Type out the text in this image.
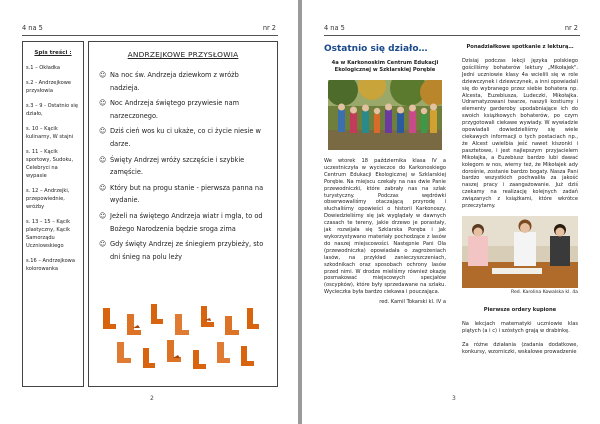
4 na 5	nr 2
Spis treści :
s.1 – Okładka
s.2 - Andrzejkowe przysłowia
s.3 – 9 - Ostatnio się działo,
s. 10 – Kącik kulinarny, W stajni
s. 11 – Kącik sportowy, Sudoku, Celebryci na wypasie
s. 12 – Andrzejki, przepowiednie, wróżby
s. 13 – 15 – Kącik plastyczny, Kącik Samorządu Uczniowskiego
s.16 – Andrzejkowa kolorowanka
ANDRZEJKOWE PRZYSŁOWIA
☺ Na noc św. Andrzeja dziewkom z wróżb nadzieja.
☺ Noc Andrzeja świętego przywiesie nam narzeczonego.
☺ Dziś cień wos ku ci ukaże, co ci życie niesie w darze.
☺ Święty Andrzej wróży szczęście i szybkie zamęście.
☺ Który but na progu stanie - pierwsza panna na wydanie.
☺ Jeżeli na świętego Andrzeja wiatr i mgła, to od Bożego Narodzenia będzie sroga zima
☺ Gdy święty Andrzej ze śniegiem przybieży, sto dni śnieg na polu leży
2
4 na 5	nr 2
Ostatnio się działo…
4a w Karkonoskim Centrum Edukacji Ekologicznej w Szklarskiej Porębie
We wtorek 18 października klasa IV a uczestniczyła w wycieczce do Karkonoskiego Centrum Edukacji Ekologicznej w Szklarskiej Porębie. Na miejscu czekały na nas dwie Panie przewodniczki, które zabrały nas na szlak turystyczny. Podczas wędrówki obserwowaliśmy otaczającą przyrodę i słuchaliśmy opowieści o historii Karkonoszy. Dowiedzieliśmy się jak wyglądały w dawnych czasach te tereny, jakie drzewo je porastały, jak rozwijała się Szklarska Poręba i jak wykorzystywano materiały pochodzące z lasów do naszej miejscowości. Następnie Pani Ola (przewodniczka) opowiadała o zagrożeniach lasów, na przykład zanieczyszczeniach, szkodnikach oraz sposobach ochrony lasów przed nimi. W drodze mieliśmy również okazję posmakować miejscowych specjałów (oscypków), które były sprzedawane na szlaku. Wycieczka była bardzo ciekawa i pouczająca.
red. Kamil Tokarski kl. IV a
Ponadziałkowe spotkanie z lekturą…
Dzisiaj podczas lekcji języka polskiego gościliśmy bohaterów lektury „Mikołajek". Jedni uczniowie klasy 4a wcielili się w role dziewczynek i dziewczynek, a inni opowiadali się do wybranego przez siebie bohatera np. Alcesta, Euzebiusza, Ludeczki, Mikołajka. Udramatyzowani twarze, naszyli kostiumy i elementy garderoby upodabniające ich do swoich książkowych bohaterów, po czym przygotowali ciekawe wywiady. W wywiadzie opowiadali dowiedzieliśmy się wiele ciekawych informacji o tych postaciach np., że Alcest uwielbia jeść nawet kiszonki i pasztetowe, i jest najlepszym przyjacielem Mikołajka, a Euzebiusz bardzo lubi dawać kolegom w nos, wierny też, że Mikołajek ady dorośnie, zostanie bardzo bogaty. Nasza Pani bardzo wszystkich pochwaliła za jakość naszej pracy i zaangażowanie. Już dziś czekamy na realizację kolejnych zadań związanych z książkami, które wkrótce przeczytamy.
Red. Karolina Kowalska kl. 4a
Pierwsze ordery kupione
Na lekcjach matematyki uczniowie klas piątych (a i c) i szóstych grają w drabinkę.

Za różne działania (zadania dodatkowe, konkursy, wzorniczki, wskalowe prowadzenie
3
